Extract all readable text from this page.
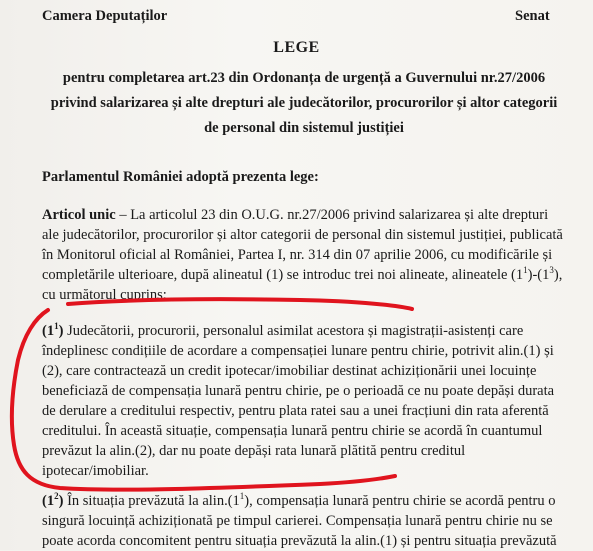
Camera Deputaților	Senat
LEGE
pentru completarea art.23 din Ordonanța de urgență a Guvernului nr.27/2006
privind salarizarea și alte drepturi ale judecătorilor, procurorilor și altor categorii
de personal din sistemul justiției
Parlamentul României adoptă prezenta lege:
Articol unic – La articolul 23 din O.U.G. nr.27/2006 privind salarizarea și alte drepturi
ale judecătorilor, procurorilor și altor categorii de personal din sistemul justiției, publicată
în Monitorul oficial al României, Partea I, nr. 314 din 07 aprilie 2006, cu modificările și
completările ulterioare, după alineatul (1) se introduc trei noi alineate, alineatele $(1^1)-(1^3)$,
cu următorul cuprins:
$(1^1)$ Judecătorii, procurorii, personalul asimilat acestora și magistrații-asistenți care
îndeplinesc condițiile de acordare a compensației lunare pentru chirie, potrivit alin.(1) și
(2), care contractează un credit ipotecar/imobiliar destinat achiziționării unei locuințe
beneficiază de compensația lunară pentru chirie, pe o perioadă ce nu poate depăși durata
de derulare a creditului respectiv, pentru plata ratei sau a unei fracțiuni din rata aferentă
creditului. În această situație, compensația lunară pentru chirie se acordă în cuantumul
prevăzut la alin.(2), dar nu poate depăși rata lunară plătită pentru creditul
ipotecar/imobiliar.
$(1^2)$ În situația prevăzută la $alin.(1^1)$, compensația lunară pentru chirie se acordă pentru o
singură locuință achiziționată pe timpul carierei. Compensația lunară pentru chirie nu se
poate acorda concomitent pentru situația prevăzută la alin.(1) și pentru situația prevăzută
